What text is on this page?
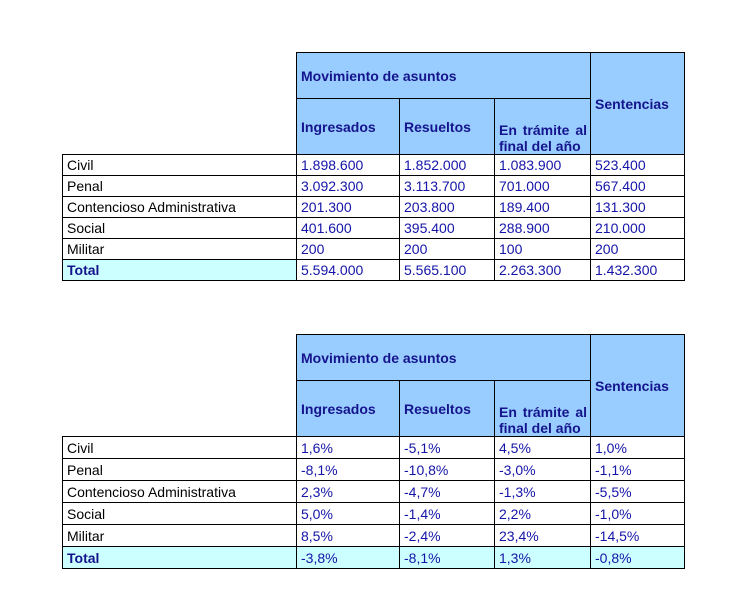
	Movimiento de asuntos			Sentencias
	Ingresados	Resueltos	En trámite al final del año	
Civil	1.898.600	1.852.000	1.083.900	523.400
Penal	3.092.300	3.113.700	701.000	567.400
Contencioso Administrativa	201.300	203.800	189.400	131.300
Social	401.600	395.400	288.900	210.000
Militar	200	200	100	200
Total	5.594.000	5.565.100	2.263.300	1.432.300
	Movimiento de asuntos			Sentencias
	Ingresados	Resueltos	En trámite al final del año	
Civil	1,6%	-5,1%	4,5%	1,0%
Penal	-8,1%	-10,8%	-3,0%	-1,1%
Contencioso Administrativa	2,3%	-4,7%	-1,3%	-5,5%
Social	5,0%	-1,4%	2,2%	-1,0%
Militar	8,5%	-2,4%	23,4%	-14,5%
Total	-3,8%	-8,1%	1,3%	-0,8%
